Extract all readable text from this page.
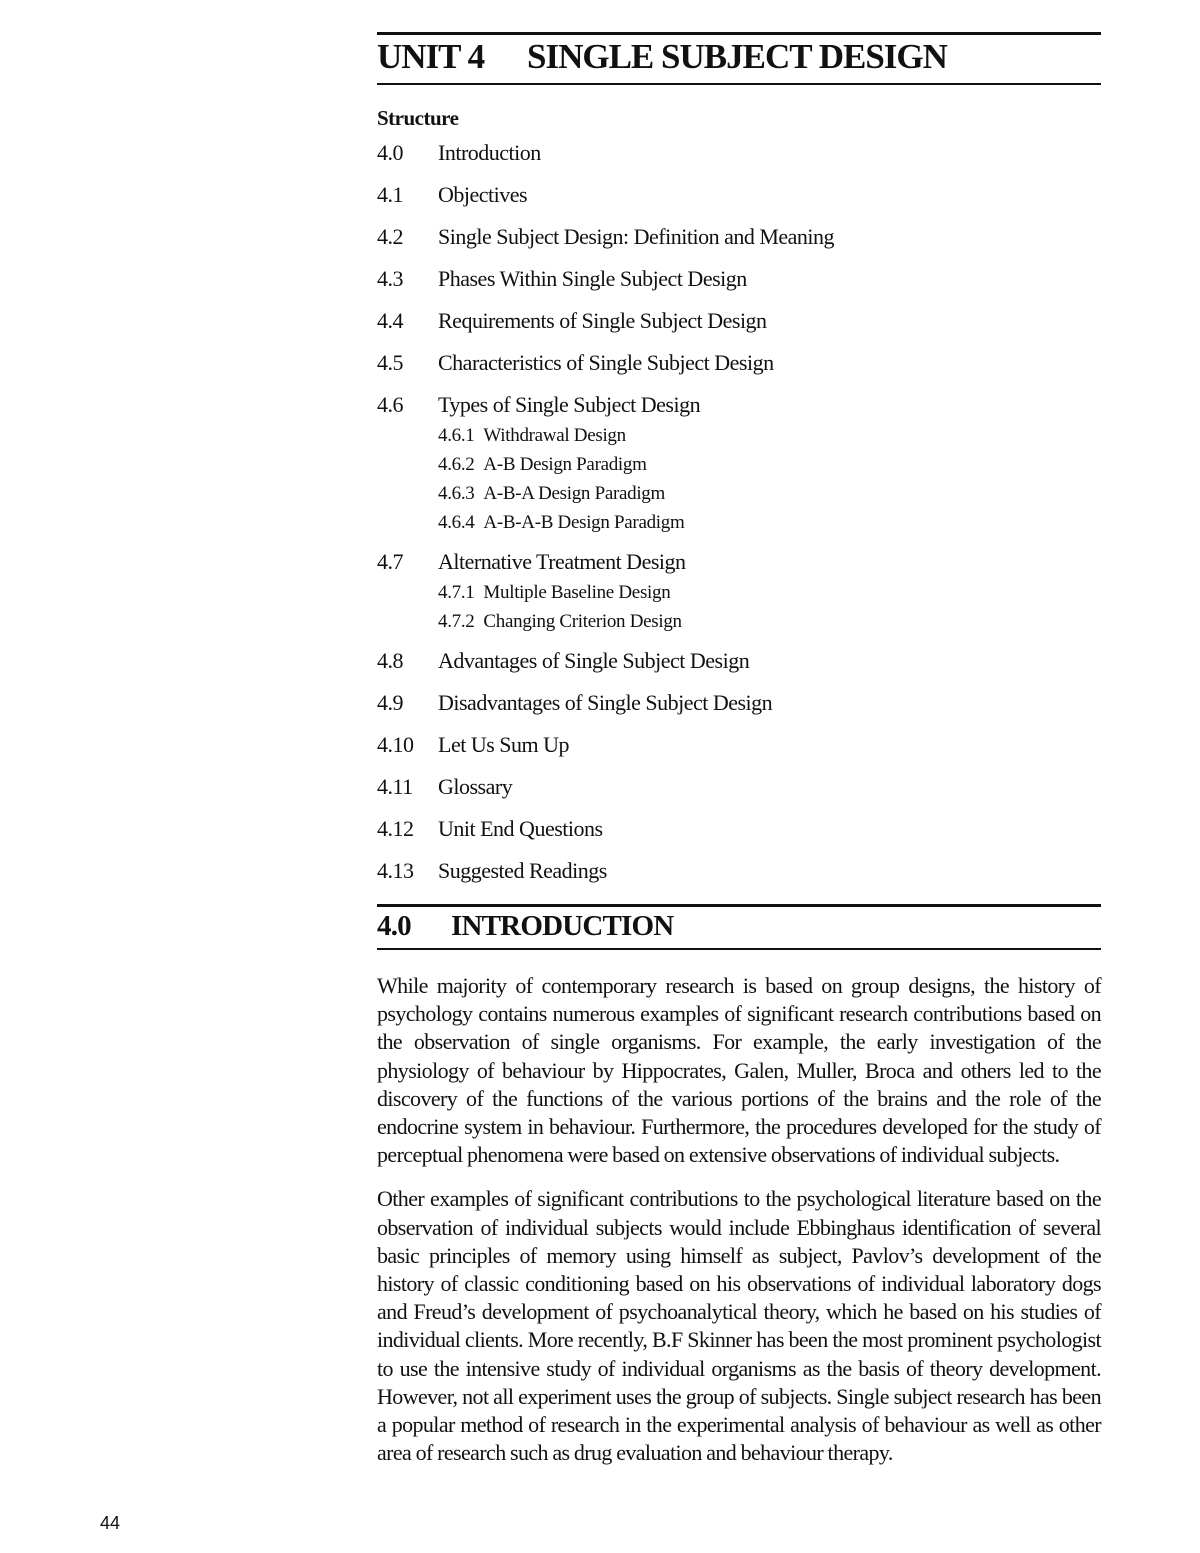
UNIT 4	SINGLE SUBJECT DESIGN
Structure
4.0	Introduction
4.1	Objectives
4.2	Single Subject Design: Definition and Meaning
4.3	Phases Within Single Subject Design
4.4	Requirements of Single Subject Design
4.5	Characteristics of Single Subject Design
4.6	Types of Single Subject Design
4.6.1 Withdrawal Design
4.6.2 A-B Design Paradigm
4.6.3 A-B-A Design Paradigm
4.6.4 A-B-A-B Design Paradigm
4.7	Alternative Treatment Design
4.7.1 Multiple Baseline Design
4.7.2 Changing Criterion Design
4.8	Advantages of Single Subject Design
4.9	Disadvantages of Single Subject Design
4.10	Let Us Sum Up
4.11	Glossary
4.12	Unit End Questions
4.13	Suggested Readings
4.0	INTRODUCTION

While majority of contemporary research is based on group designs, the history of psychology contains numerous examples of significant research contributions based on the observation of single organisms. For example, the early investigation of the physiology of behaviour by Hippocrates, Galen, Muller, Broca and others led to the discovery of the functions of the various portions of the brains and the role of the endocrine system in behaviour. Furthermore, the procedures developed for the study of perceptual phenomena were based on extensive observations of individual subjects.

Other examples of significant contributions to the psychological literature based on the observation of individual subjects would include Ebbinghaus identification of several basic principles of memory using himself as subject, Pavlov’s development of the history of classic conditioning based on his observations of individual laboratory dogs and Freud’s development of psychoanalytical theory, which he based on his studies of individual clients. More recently, B.F Skinner has been the most prominent psychologist to use the intensive study of individual organisms as the basis of theory development. However, not all experiment uses the group of subjects. Single subject research has been a popular method of research in the experimental analysis of behaviour as well as other area of research such as drug evaluation and behaviour therapy.

44
